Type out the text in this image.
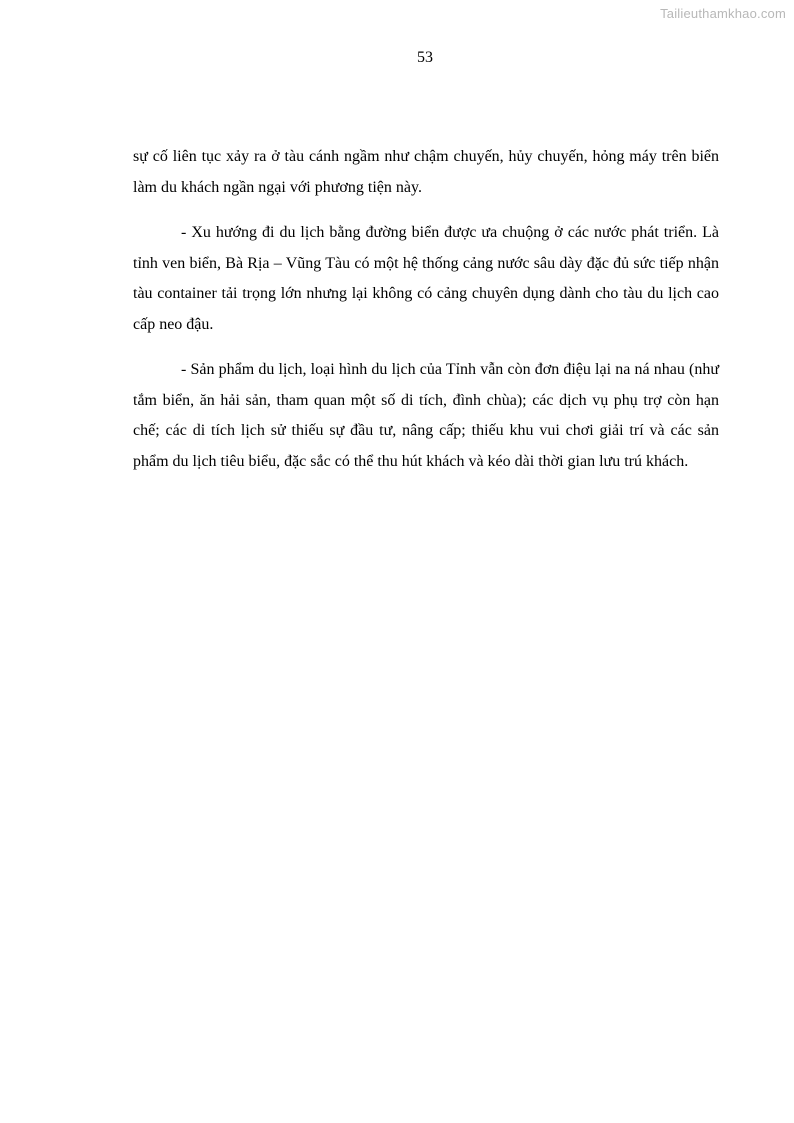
Tailieuthamkhao.com
53

sự cố liên tục xảy ra ở tàu cánh ngầm như chậm chuyến, hủy chuyến, hỏng máy trên biển làm du khách ngần ngại với phương tiện này.

- Xu hướng đi du lịch bằng đường biển được ưa chuộng ở các nước phát triển. Là tỉnh ven biển, Bà Rịa – Vũng Tàu có một hệ thống cảng nước sâu dày đặc đủ sức tiếp nhận tàu container tải trọng lớn nhưng lại không có cảng chuyên dụng dành cho tàu du lịch cao cấp neo đậu.

- Sản phẩm du lịch, loại hình du lịch của Tỉnh vẫn còn đơn điệu lại na ná nhau (như tắm biển, ăn hải sản, tham quan một số di tích, đình chùa); các dịch vụ phụ trợ còn hạn chế; các di tích lịch sử thiếu sự đầu tư, nâng cấp; thiếu khu vui chơi giải trí và các sản phẩm du lịch tiêu biểu, đặc sắc có thể thu hút khách và kéo dài thời gian lưu trú khách.
